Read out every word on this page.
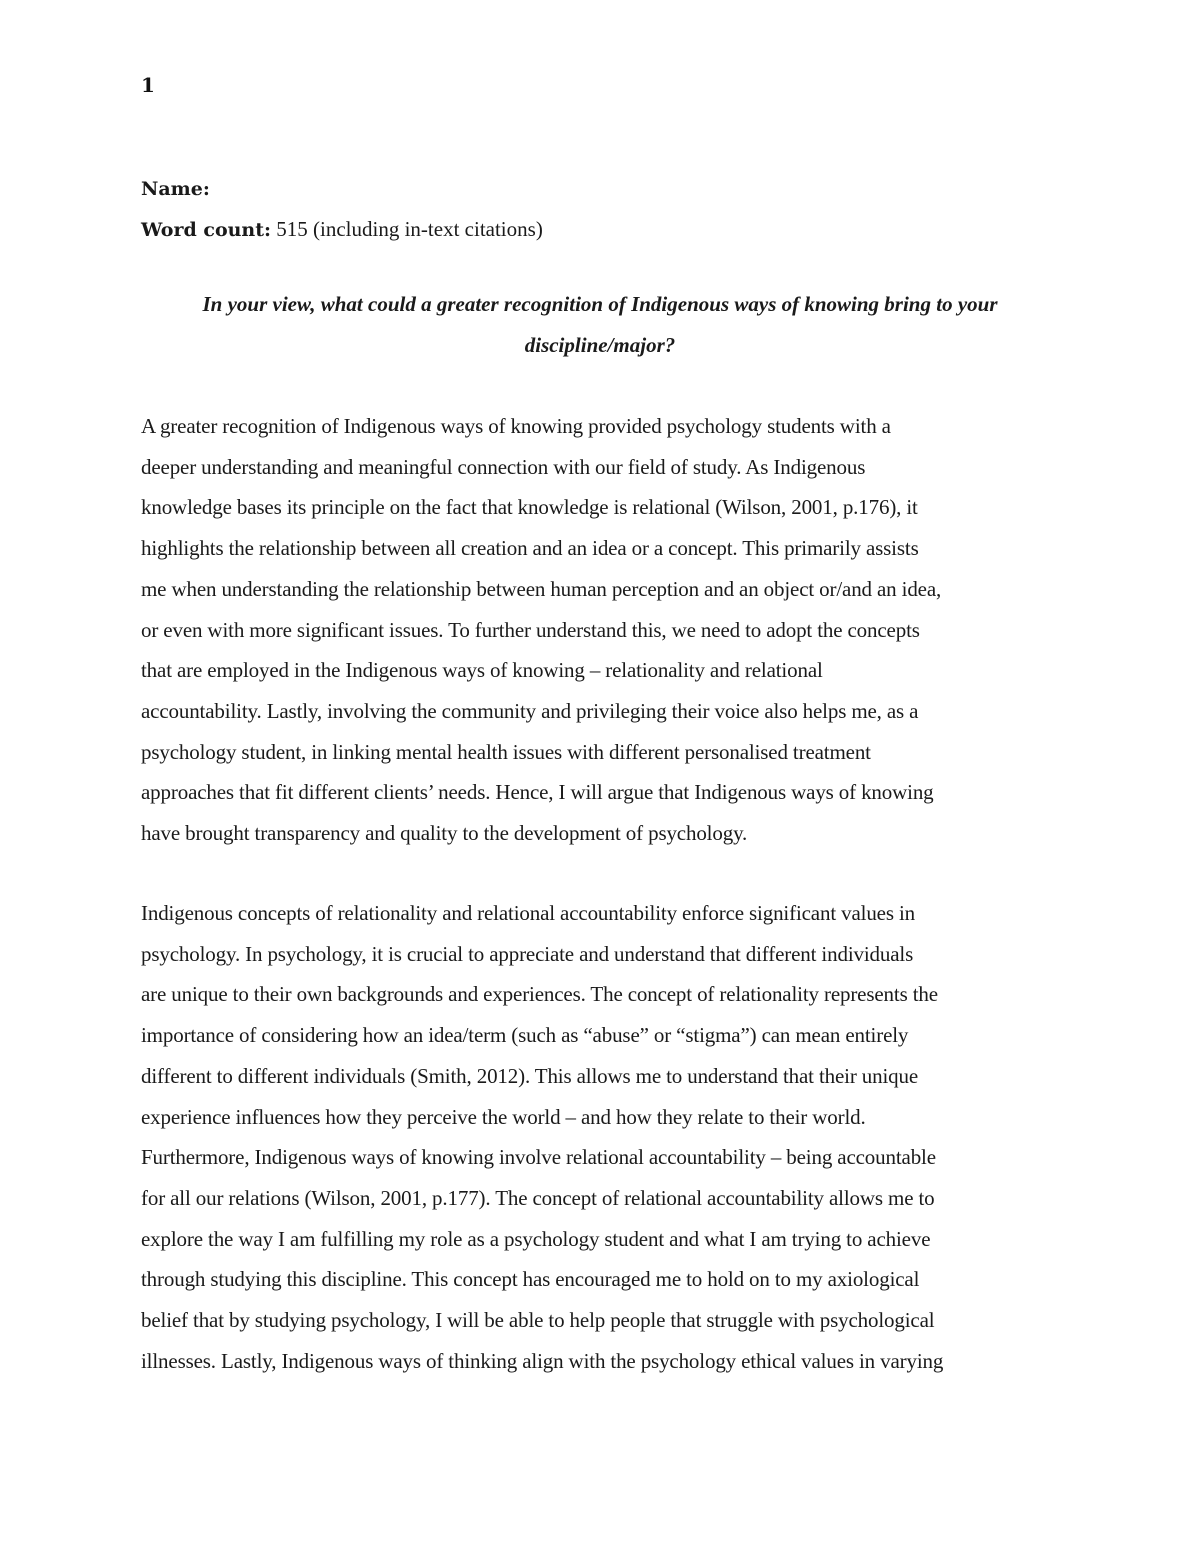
1
Name:
Word count: 515 (including in-text citations)
In your view, what could a greater recognition of Indigenous ways of knowing bring to your
discipline/major?
A greater recognition of Indigenous ways of knowing provided psychology students with a
deeper understanding and meaningful connection with our field of study. As Indigenous
knowledge bases its principle on the fact that knowledge is relational (Wilson, 2001, p.176), it
highlights the relationship between all creation and an idea or a concept. This primarily assists
me when understanding the relationship between human perception and an object or/and an idea,
or even with more significant issues. To further understand this, we need to adopt the concepts
that are employed in the Indigenous ways of knowing – relationality and relational
accountability. Lastly, involving the community and privileging their voice also helps me, as a
psychology student, in linking mental health issues with different personalised treatment
approaches that fit different clients’ needs. Hence, I will argue that Indigenous ways of knowing
have brought transparency and quality to the development of psychology.
Indigenous concepts of relationality and relational accountability enforce significant values in
psychology. In psychology, it is crucial to appreciate and understand that different individuals
are unique to their own backgrounds and experiences. The concept of relationality represents the
importance of considering how an idea/term (such as “abuse” or “stigma”) can mean entirely
different to different individuals (Smith, 2012). This allows me to understand that their unique
experience influences how they perceive the world – and how they relate to their world.
Furthermore, Indigenous ways of knowing involve relational accountability – being accountable
for all our relations (Wilson, 2001, p.177). The concept of relational accountability allows me to
explore the way I am fulfilling my role as a psychology student and what I am trying to achieve
through studying this discipline. This concept has encouraged me to hold on to my axiological
belief that by studying psychology, I will be able to help people that struggle with psychological
illnesses. Lastly, Indigenous ways of thinking align with the psychology ethical values in varying
